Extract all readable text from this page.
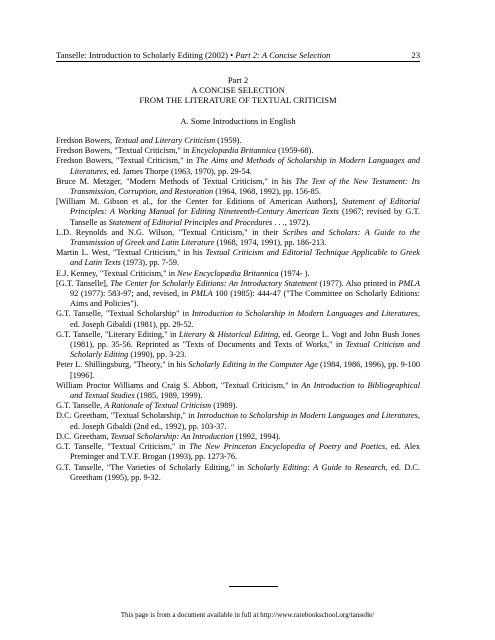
Tanselle: Introduction to Scholarly Editing (2002) • Part 2: A Concise Selection	23
Part 2
A CONCISE SELECTION
FROM THE LITERATURE OF TEXTUAL CRITICISM
A. Some Introductions in English

Fredson Bowers, Textual and Literary Criticism (1959).

Fredson Bowers, "Textual Criticism," in Encyclopædia Britannica (1959-68).

Fredson Bowers, "Textual Criticism," in The Aims and Methods of Scholarship in Modern Languages and Literatures, ed. James Thorpe (1963, 1970), pp. 29-54.

Bruce M. Metzger, "Modern Methods of Textual Criticism," in his The Text of the New Testament: Its Transmission, Corruption, and Restoration (1964, 1968, 1992), pp. 156-85.

[William M. Gibson et al., for the Center for Editions of American Authors], Statement of Editorial Principles: A Working Manual for Editing Nineteenth-Century American Texts (1967; revised by G.T. Tanselle as Statement of Editorial Principles and Procedures . . ., 1972).

L.D. Reynolds and N.G. Wilson, "Textual Criticism," in their Scribes and Scholars: A Guide to the Transmission of Greek and Latin Literature (1968, 1974, 1991), pp. 186-213.

Martin L. West, "Textual Criticism," in his Textual Criticism and Editorial Technique Applicable to Greek and Latin Texts (1973), pp. 7-59.

E.J. Kenney, "Textual Criticism," in New Encyclopædia Britannica (1974- ).

[G.T. Tanselle], The Center for Scholarly Editions: An Introductory Statement (1977). Also printed in PMLA 92 (1977): 583-97; and, revised, in PMLA 100 (1985): 444-47 ("The Committee on Scholarly Editions: Aims and Policies").

G.T. Tanselle, "Textual Scholarship" in Introduction to Scholarship in Modern Languages and Literatures, ed. Joseph Gibaldi (1981), pp. 29-52.

G.T. Tanselle, "Literary Editing," in Literary & Historical Editing, ed. George L. Vogt and John Bush Jones (1981), pp. 35-56. Reprinted as "Texts of Documents and Texts of Works," in Textual Criticism and Scholarly Editing (1990), pp. 3-23.

Peter L. Shillingsburg, "Theory," in his Scholarly Editing in the Computer Age (1984, 1986, 1996), pp. 9-100 [1996].

William Proctor Williams and Craig S. Abbott, "Textual Criticism," in An Introduction to Bibliographical and Textual Studies (1985, 1989, 1999).

G.T. Tanselle, A Rationale of Textual Criticism (1989).

D.C. Greetham, "Textual Scholarship," in Introduction to Scholarship in Modern Languages and Literatures, ed. Joseph Gibaldi (2nd ed., 1992), pp. 103-37.

D.C. Greetham, Textual Scholarship: An Introduction (1992, 1994).

G.T. Tanselle, "Textual Criticism," in The New Princeton Encyclopedia of Poetry and Poetics, ed. Alex Preminger and T.V.F. Brogan (1993), pp. 1273-76.

G.T. Tanselle, "The Varieties of Scholarly Editing," in Scholarly Editing: A Guide to Research, ed. D.C. Greetham (1995), pp. 9-32.

This page is from a document available in full at http://www.rarebookschool.org/tanselle/
